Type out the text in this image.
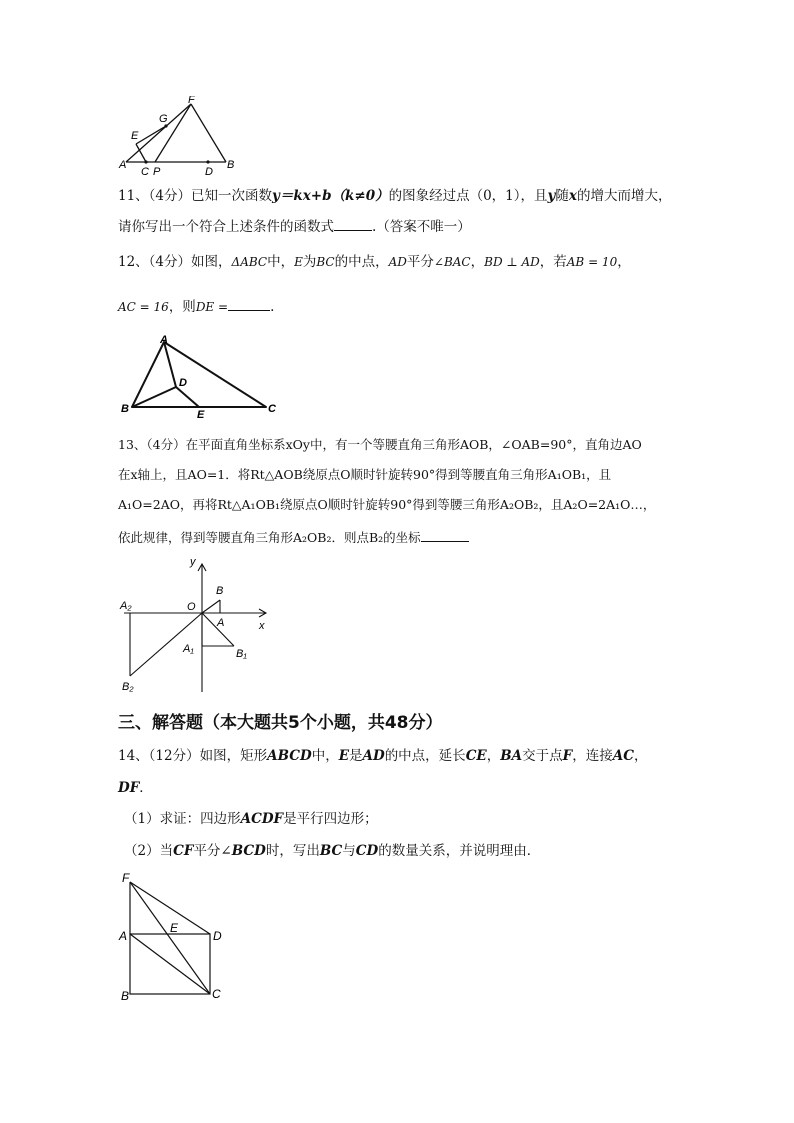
F
G
E
A
C P	D
B
11、（4分）已知一次函数y＝kx+b（k≠0）的图象经过点（0，1），且y随x的增大而增大，
请你写出一个符合上述条件的函数式	.（答案不唯一）
12、（4分）如图，ΔABC中，E为BC的中点，AD平分∠BAC，BD ⊥ AD，若AB = 10，
AC = 16，则DE =	.
A
D
B	E	C
13、（4分）在平面直角坐标系xOy中，有一个等腰直角三角形AOB，∠OAB=90°，直角边AO
在x轴上，且AO=1．将Rt△AOB绕原点O顺时针旋转90°得到等腰直角三角形A₁OB₁，且
A₁O=2AO，再将Rt△A₁OB₁绕原点O顺时针旋转90°得到等腰三角形A₂OB₂，且A₂O=2A₁O…，
依此规律，得到等腰直角三角形A₂OB₂．则点B₂的坐标
y
B
A₂	O
A	x
A₁	B₁
B₂
三、解答题（本大题共5个小题，共48分）
14、（12分）如图，矩形ABCD中，E是AD的中点，延长CE，BA交于点F，连接AC，
DF．
（1）求证：四边形ACDF是平行四边形；
（2）当CF平分∠BCD时，写出BC与CD的数量关系，并说明理由．
F
A
E
D
B	C
